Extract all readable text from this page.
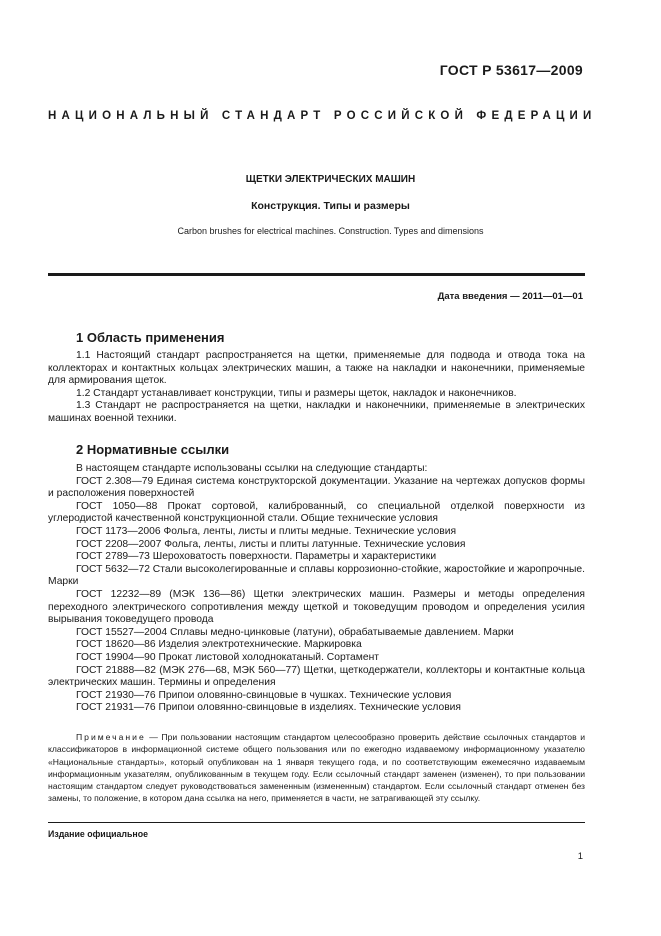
ГОСТ Р 53617—2009
НАЦИОНАЛЬНЫЙ СТАНДАРТ РОССИЙСКОЙ ФЕДЕРАЦИИ
ЩЕТКИ ЭЛЕКТРИЧЕСКИХ МАШИН
Конструкция. Типы и размеры
Carbon brushes for electrical machines. Construction. Types and dimensions
Дата введения — 2011—01—01
1 Область применения
1.1 Настоящий стандарт распространяется на щетки, применяемые для подвода и отвода тока на коллекторах и контактных кольцах электрических машин, а также на накладки и наконечники, применяемые для армирования щеток.
1.2 Стандарт устанавливает конструкции, типы и размеры щеток, накладок и наконечников.
1.3 Стандарт не распространяется на щетки, накладки и наконечники, применяемые в электрических машинах военной техники.
2 Нормативные ссылки
В настоящем стандарте использованы ссылки на следующие стандарты:
ГОСТ 2.308—79 Единая система конструкторской документации. Указание на чертежах допусков формы и расположения поверхностей
ГОСТ 1050—88 Прокат сортовой, калиброванный, со специальной отделкой поверхности из углеродистой качественной конструкционной стали. Общие технические условия
ГОСТ 1173—2006 Фольга, ленты, листы и плиты медные. Технические условия
ГОСТ 2208—2007 Фольга, ленты, листы и плиты латунные. Технические условия
ГОСТ 2789—73 Шероховатость поверхности. Параметры и характеристики
ГОСТ 5632—72 Стали высоколегированные и сплавы коррозионно-стойкие, жаростойкие и жаропрочные. Марки
ГОСТ 12232—89 (МЭК 136—86) Щетки электрических машин. Размеры и методы определения переходного электрического сопротивления между щеткой и токоведущим проводом и определения усилия вырывания токоведущего провода
ГОСТ 15527—2004 Сплавы медно-цинковые (латуни), обрабатываемые давлением. Марки
ГОСТ 18620—86 Изделия электротехнические. Маркировка
ГОСТ 19904—90 Прокат листовой холоднокатаный. Сортамент
ГОСТ 21888—82 (МЭК 276—68, МЭК 560—77) Щетки, щеткодержатели, коллекторы и контактные кольца электрических машин. Термины и определения
ГОСТ 21930—76 Припои оловянно-свинцовые в чушках. Технические условия
ГОСТ 21931—76 Припои оловянно-свинцовые в изделиях. Технические условия
Примечание — При пользовании настоящим стандартом целесообразно проверить действие ссылочных стандартов и классификаторов в информационной системе общего пользования или по ежегодно издаваемому информационному указателю «Национальные стандарты», который опубликован на 1 января текущего года, и по соответствующим ежемесячно издаваемым информационным указателям, опубликованным в текущем году. Если ссылочный стандарт заменен (изменен), то при пользовании настоящим стандартом следует руководствоваться замененным (измененным) стандартом. Если ссылочный стандарт отменен без замены, то положение, в котором дана ссылка на него, применяется в части, не затрагивающей эту ссылку.
Издание официальное
1
